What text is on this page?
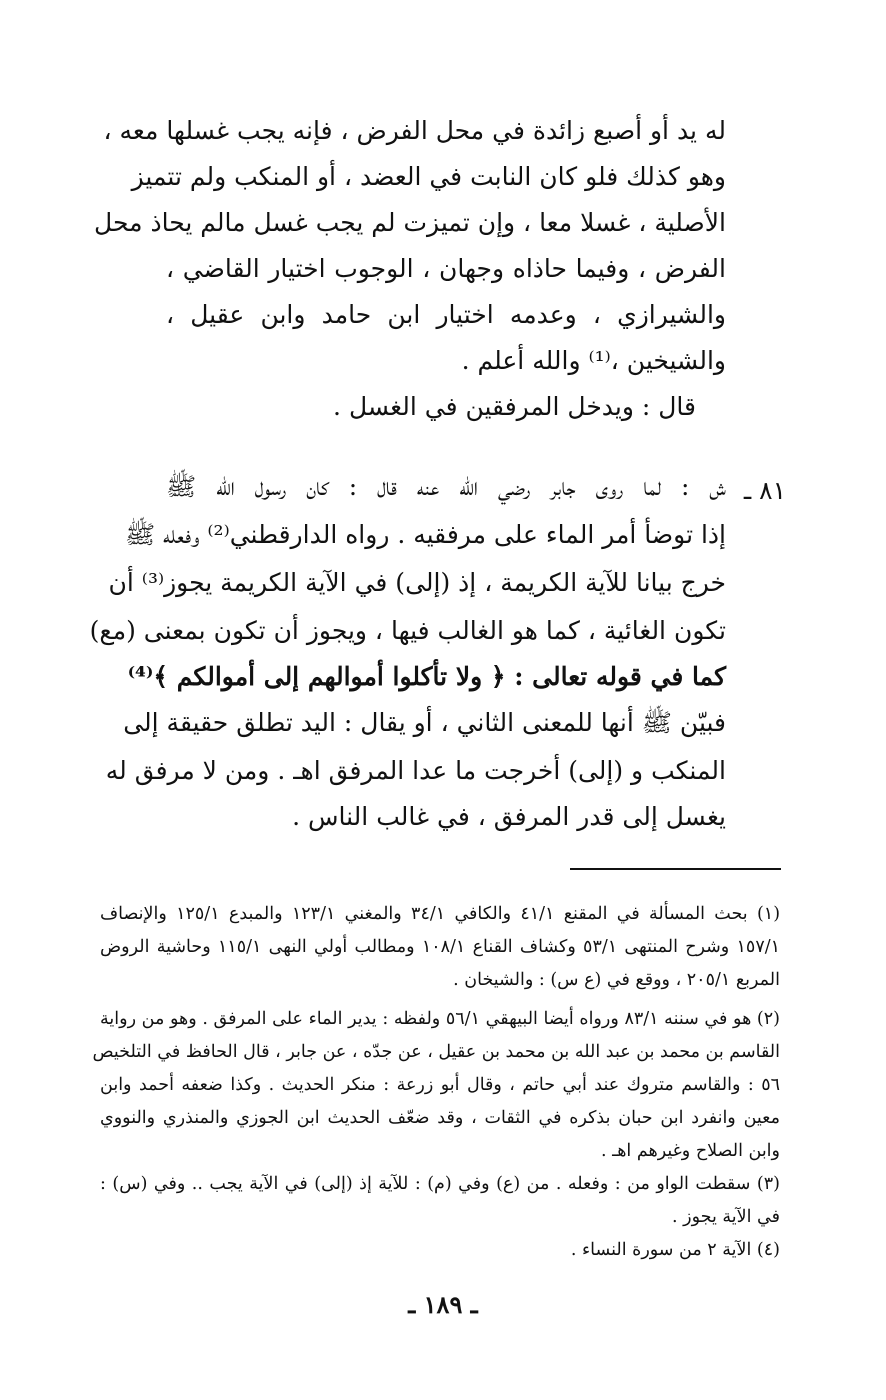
له يد أو أصبع زائدة في محل الفرض ، فإنه يجب غسلها معه ،
وهو كذلك فلو كان النابت في العضد ، أو المنكب ولم تتميز
الأصلية ، غسلا معا ، وإن تميزت لم يجب غسل مالم يحاذ محل
الفرض ، وفيما حاذاه وجهان ، الوجوب اختيار القاضي ،
والشيرازي ، وعدمه اختيار ابن حامد وابن عقيل ،
والشيخين ،⁽¹⁾ والله أعلم .
قال : ويدخل المرفقين في الغسل .
٨١ ـ
ش : لما روى جابر رضي الله عنه قال : كان رسول الله ﷺ
إذا توضأ أمر الماء على مرفقيه . رواه الدارقطني⁽²⁾ وفعله ﷺ
خرج بيانا للآية الكريمة ، إذ (إلى) في الآية الكريمة يجوز⁽³⁾ أن
تكون الغائية ، كما هو الغالب فيها ، ويجوز أن تكون بمعنى (مع)
كما في قوله تعالى : ﴿ ولا تأكلوا أموالهم إلى أموالكم ﴾⁽⁴⁾
فبيّن ﷺ أنها للمعنى الثاني ، أو يقال : اليد تطلق حقيقة إلى
المنكب و (إلى) أخرجت ما عدا المرفق اهـ . ومن لا مرفق له
يغسل إلى قدر المرفق ، في غالب الناس .
(١) بحث المسألة في المقنع ٤١/١ والكافي ٣٤/١ والمغني ١٢٣/١ والمبدع ١٢٥/١ والإنصاف
١٥٧/١ وشرح المنتهى ٥٣/١ وكشاف القناع ١٠٨/١ ومطالب أولي النهى ١١٥/١ وحاشية الروض
المربع ٢٠٥/١ ، ووقع في (ع س) : والشيخان .
(٢) هو في سننه ٨٣/١ ورواه أيضا البيهقي ٥٦/١ ولفظه : يدير الماء على المرفق . وهو من رواية
القاسم بن محمد بن عبد الله بن محمد بن عقيل ، عن جدّه ، عن جابر ، قال الحافظ في التلخيص
٥٦ : والقاسم متروك عند أبي حاتم ، وقال أبو زرعة : منكر الحديث . وكذا ضعفه أحمد وابن
معين وانفرد ابن حبان بذكره في الثقات ، وقد ضعّف الحديث ابن الجوزي والمنذري والنووي
وابن الصلاح وغيرهم اهـ .
(٣) سقطت الواو من : وفعله . من (ع) وفي (م) : للآية إذ (إلى) في الآية يجب .. وفي (س) :
في الآية يجوز .
(٤) الآية ٢ من سورة النساء .
ـ ١٨٩ ـ
